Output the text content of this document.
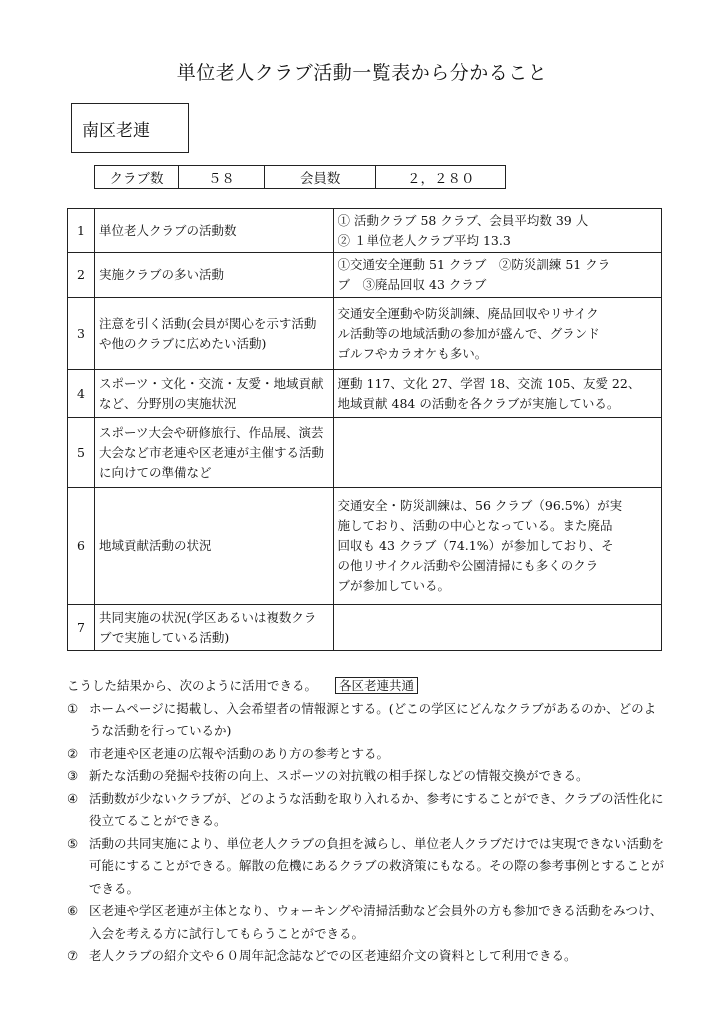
単位老人クラブ活動一覧表から分かること
南区老連
クラブ数	５８	会員数	２，２８０
1	単位老人クラブの活動数	① 活動クラブ 58 クラブ、会員平均数 39 人
② １単位老人クラブ平均 13.3

2	実施クラブの多い活動	①交通安全運動 51 クラブ　②防災訓練 51 クラ
ブ　③廃品回収 43 クラブ

3	注意を引く活動(会員が関心を示す活動や他のクラブに広めたい活動)	交通安全運動や防災訓練、廃品回収やリサイク
ル活動等の地域活動の参加が盛んで、グランド
ゴルフやカラオケも多い。

4	スポーツ・文化・交流・友愛・地域貢献など、分野別の実施状況	運動 117、文化 27、学習 18、交流 105、友愛 22、
地域貢献 484 の活動を各クラブが実施している。

5	スポーツ大会や研修旅行、作品展、演芸大会など市老連や区老連が主催する活動に向けての準備など	
6	地域貢献活動の状況	交通安全・防災訓練は、56 クラブ（96.5%）が実
施しており、活動の中心となっている。また廃品
回収も 43 クラブ（74.1%）が参加しており、そ
の他リサイクル活動や公園清掃にも多くのクラ
ブが参加している。

7	共同実施の状況(学区あるいは複数クラブで実施している活動)	
こうした結果から、次のように活用できる。 各区老連共通
① ホームページに掲載し、入会希望者の情報源とする。(どこの学区にどんなクラブがあるのか、どのような活動を行っているか)
② 市老連や区老連の広報や活動のあり方の参考とする。
③ 新たな活動の発掘や技術の向上、スポーツの対抗戦の相手探しなどの情報交換ができる。
④ 活動数が少ないクラブが、どのような活動を取り入れるか、参考にすることができ、クラブの活性化に役立てることができる。
⑤ 活動の共同実施により、単位老人クラブの負担を減らし、単位老人クラブだけでは実現できない活動を可能にすることができる。解散の危機にあるクラブの救済策にもなる。その際の参考事例とすることができる。
⑥ 区老連や学区老連が主体となり、ウォーキングや清掃活動など会員外の方も参加できる活動をみつけ、入会を考える方に試行してもらうことができる。
⑦ 老人クラブの紹介文や６０周年記念誌などでの区老連紹介文の資料として利用できる。
